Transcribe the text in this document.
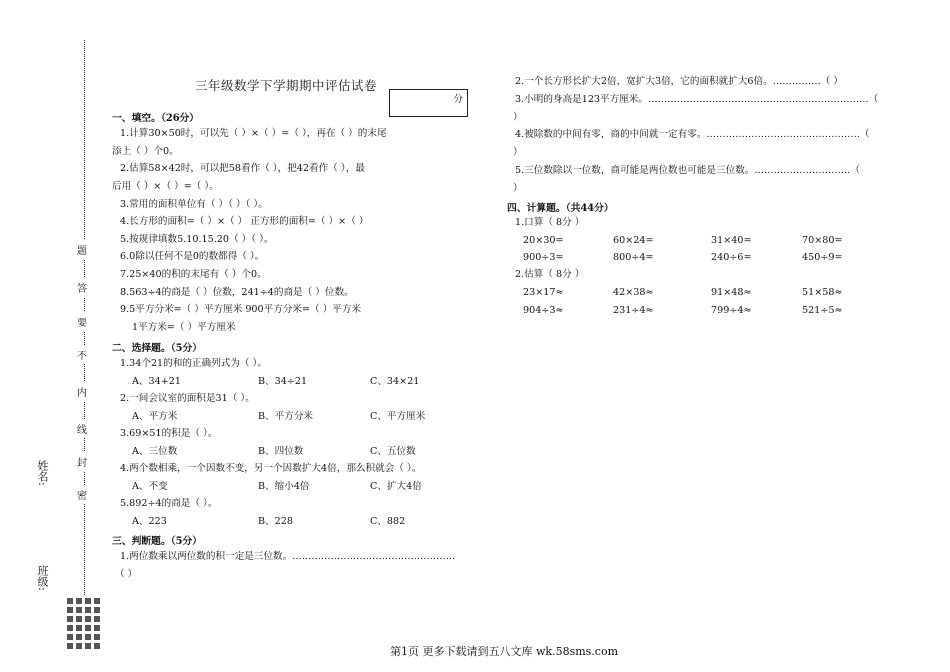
姓名:
班级:
密
封
线
内
不
要
答
题
三年级数学下学期期中评估试卷
分
一、填空。（26分）
1.计算30×50时，可以先（ ）×（ ）=（ ），再在（ ）的末尾
添上（ ）个0。
2.估算58×42时，可以把58看作（ ），把42看作（ ），最
后用（ ）×（ ）=（ ）。
3.常用的面积单位有（ ）（ ）（ ）。
4.长方形的面积=（ ）×（ ） 正方形的面积=（ ）×（ ）
5.按规律填数5.10.15.20（ ）（ ）。
6.0除以任何不是0的数都得（ ）。
7.25×40的积的末尾有（ ）个0。
8.563÷4的商是（ ）位数，241÷4的商是（ ）位数。
9.5平方分米=（ ）平方厘米 900平方分米=（ ）平方米
1平方米=（ ）平方厘米
二、选择题。（5分）
1.34个21的和的正确列式为（ ）。
A、34+21	B、34÷21	C、34×21
2.一间会议室的面积是31（ ）。
A、平方米	B、平方分米	C、平方厘米
3.69×51的积是（ ）。
A、三位数	B、四位数	C、五位数
4.两个数相乘，一个因数不变，另一个因数扩大4倍，那么积就会（ ）。
A、不变	B、缩小4倍	C、扩大4倍
5.892÷4的商是（ ）。
A、223	B、228	C、882
三、判断题。（5分）
1.两位数乘以两位数的积一定是三位数。……………………………………………
（ ）
2.一个长方形长扩大2倍，宽扩大3倍，它的面积就扩大6倍。……………（ ）
3.小明的身高是123平方厘米。……………………………………………………………（
）
4.被除数的中间有零，商的中间就一定有零。…………………………………………（
）
5.三位数除以一位数，商可能是两位数也可能是三位数。…………………………（
）
四、计算题。（共44分）
1.口算（ 8分 ）
20×30=	60×24=	31×40=	70×80=
900÷3=	800÷4=	240÷6=	450÷9=
2.估算（ 8分 ）
23×17≈	42×38≈	91×48≈	51×58≈
904÷3≈	231÷4≈	799÷4≈	521÷5≈
第1页 更多下载请到五八文库 wk.58sms.com
